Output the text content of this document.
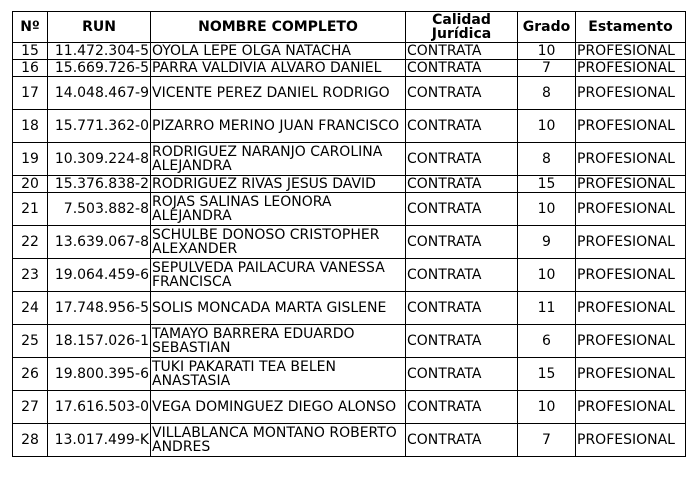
Nº	RUN	NOMBRE COMPLETO	Calidad Jurídica	Grado	Estamento
15	11.472.304-5	OYOLA LEPE OLGA NATACHA	CONTRATA	10	PROFESIONAL
16	15.669.726-5	PARRA VALDIVIA ALVARO DANIEL	CONTRATA	7	PROFESIONAL
17	14.048.467-9	VICENTE PEREZ DANIEL RODRIGO	CONTRATA	8	PROFESIONAL
18	15.771.362-0	PIZARRO MERINO JUAN FRANCISCO	CONTRATA	10	PROFESIONAL
19	10.309.224-8	RODRIGUEZ NARANJO CAROLINA ALEJANDRA	CONTRATA	8	PROFESIONAL
20	15.376.838-2	RODRIGUEZ RIVAS JESUS DAVID	CONTRATA	15	PROFESIONAL
21	7.503.882-8	ROJAS SALINAS LEONORA ALEJANDRA	CONTRATA	10	PROFESIONAL
22	13.639.067-8	SCHULBE DONOSO CRISTOPHER ALEXANDER	CONTRATA	9	PROFESIONAL
23	19.064.459-6	SEPULVEDA PAILACURA VANESSA FRANCISCA	CONTRATA	10	PROFESIONAL
24	17.748.956-5	SOLIS MONCADA MARTA GISLENE	CONTRATA	11	PROFESIONAL
25	18.157.026-1	TAMAYO BARRERA EDUARDO SEBASTIAN	CONTRATA	6	PROFESIONAL
26	19.800.395-6	TUKI PAKARATI TEA BELEN ANASTASIA	CONTRATA	15	PROFESIONAL
27	17.616.503-0	VEGA DOMINGUEZ DIEGO ALONSO	CONTRATA	10	PROFESIONAL
28	13.017.499-K	VILLABLANCA MONTANO ROBERTO ANDRES	CONTRATA	7	PROFESIONAL
